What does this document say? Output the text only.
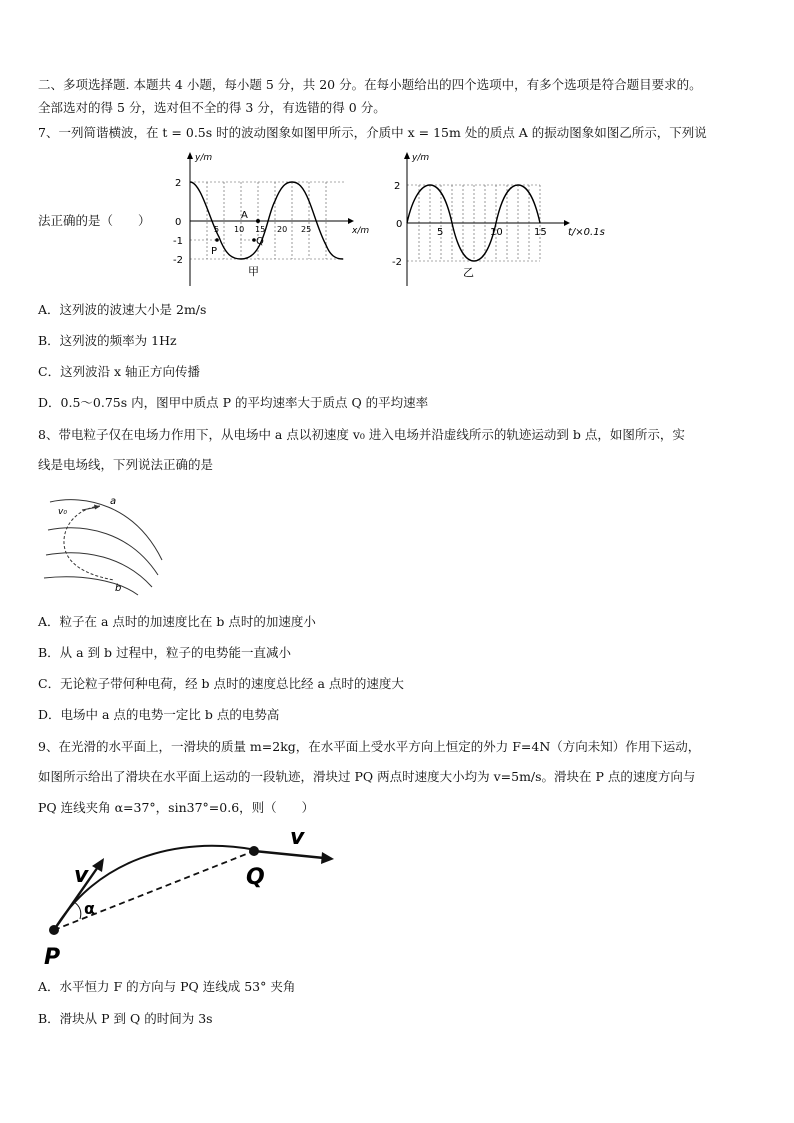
二、多项选择题. 本题共 4 小题，每小题 5 分，共 20 分。在每小题给出的四个选项中，有多个选项是符合题目要求的。
全部选对的得 5 分，选对但不全的得 3 分，有选错的得 0 分。
7、一列简谐横波，在 t = 0.5s 时的波动图象如图甲所示，介质中 x = 15m 处的质点 A 的振动图象如图乙所示，下列说
法正确的是（　　）
y/m
x/m
2
0
-1
-2
5 10 15 20 25
A
P
Q
甲
y/m
t/×0.1s
2
0
-2
5	10	15
乙
A．这列波的波速大小是 2m/s
B．这列波的频率为 1Hz
C．这列波沿 x 轴正方向传播
D．0.5～0.75s 内，图甲中质点 P 的平均速率大于质点 Q 的平均速率
8、带电粒子仅在电场力作用下，从电场中 a 点以初速度 v₀ 进入电场并沿虚线所示的轨迹运动到 b 点，如图所示，实
线是电场线，下列说法正确的是
a
v₀
b
A．粒子在 a 点时的加速度比在 b 点时的加速度小
B．从 a 到 b 过程中，粒子的电势能一直减小
C．无论粒子带何种电荷，经 b 点时的速度总比经 a 点时的速度大
D．电场中 a 点的电势一定比 b 点的电势高
9、在光滑的水平面上，一滑块的质量 m=2kg，在水平面上受水平方向上恒定的外力 F=4N（方向未知）作用下运动，
如图所示给出了滑块在水平面上运动的一段轨迹，滑块过 PQ 两点时速度大小均为 v=5m/s。滑块在 P 点的速度方向与
PQ 连线夹角 α=37°，sin37°=0.6，则（　　）
v
α
v
Q
P
A．水平恒力 F 的方向与 PQ 连线成 53° 夹角
B．滑块从 P 到 Q 的时间为 3s
